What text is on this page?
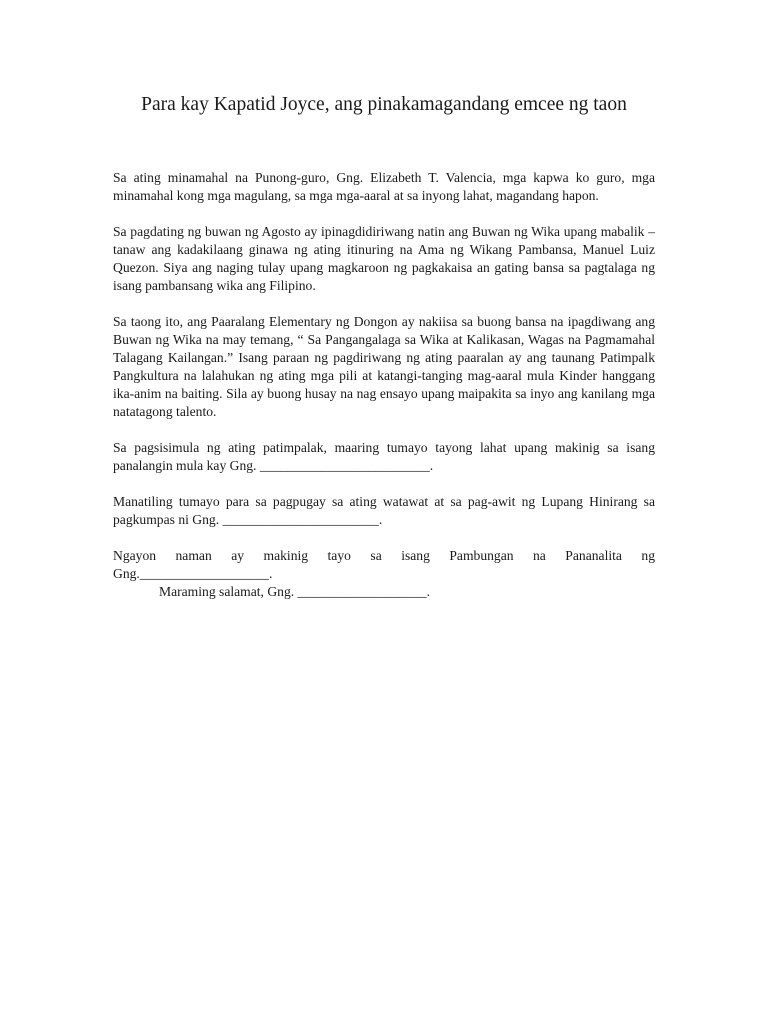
Para kay Kapatid Joyce, ang pinakamagandang emcee ng taon

Sa ating minamahal na Punong-guro, Gng. Elizabeth T. Valencia, mga kapwa ko guro, mga minamahal kong mga magulang, sa mga mga-aaral at sa inyong lahat, magandang hapon.

Sa pagdating ng buwan ng Agosto ay ipinagdidiriwang natin ang Buwan ng Wika upang mabalik – tanaw ang kadakilaang ginawa ng ating itinuring na Ama ng Wikang Pambansa, Manuel Luiz Quezon. Siya ang naging tulay upang magkaroon ng pagkakaisa an gating bansa sa pagtalaga ng isang pambansang wika ang Filipino.

Sa taong ito, ang Paaralang Elementary ng Dongon ay nakiisa sa buong bansa na ipagdiwang ang Buwan ng Wika na may temang, “ Sa Pangangalaga sa Wika at Kalikasan, Wagas na Pagmamahal Talagang Kailangan.” Isang paraan ng pagdiriwang ng ating paaralan ay ang taunang Patimpalk Pangkultura na lalahukan ng ating mga pili at katangi-tanging mag-aaral mula Kinder hanggang ika-anim na baiting. Sila ay buong husay na nag ensayo upang maipakita sa inyo ang kanilang mga natatagong talento.

Sa pagsisimula ng ating patimpalak, maaring tumayo tayong lahat upang makinig sa isang panalangin mula kay Gng. _________________________.

Manatiling tumayo para sa pagpugay sa ating watawat at sa pag-awit ng Lupang Hinirang sa pagkumpas ni Gng. _______________________.

Ngayon naman ay makinig tayo sa isang Pambungan na Pananalita ng Gng.___________________.

Maraming salamat, Gng. ___________________.
